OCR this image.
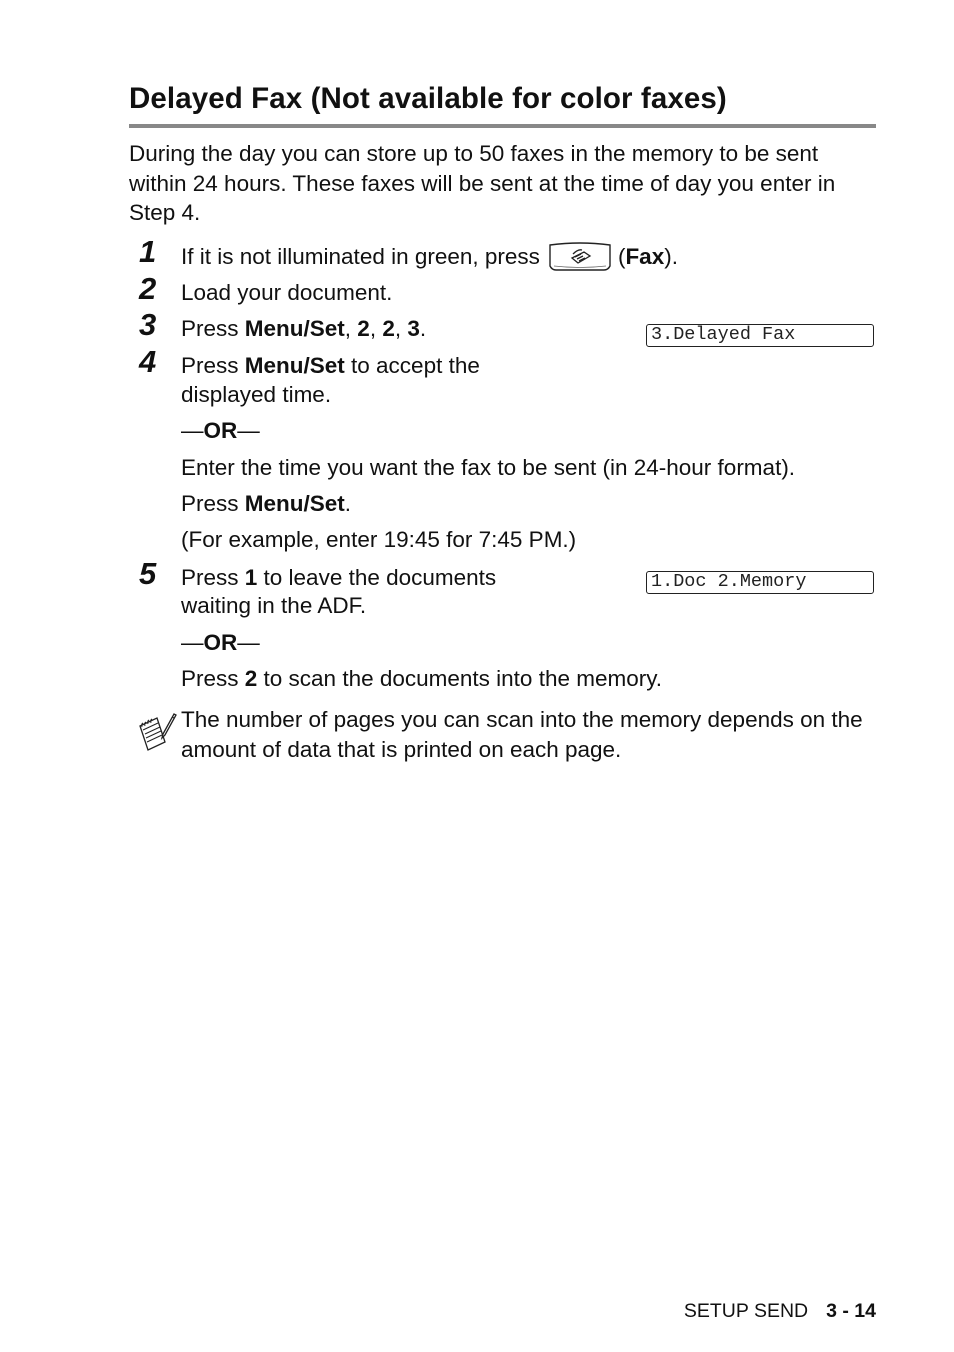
Delayed Fax (Not available for color faxes)

During the day you can store up to 50 faxes in the memory to be sent within 24 hours. These faxes will be sent at the time of day you enter in Step 4.

1 If it is not illuminated in green, press	(Fax).
2 Load your document.
3 Press Menu/Set, 2, 2, 3.	3.Delayed Fax
4 Press Menu/Set to accept the
displayed time.
—OR—
Enter the time you want the fax to be sent (in 24-hour format).
Press Menu/Set.
(For example, enter 19:45 for 7:45 PM.)
5 Press 1 to leave the documents	1.Doc 2.Memory
waiting in the ADF.
—OR—
Press 2 to scan the documents into the memory.

The number of pages you can scan into the memory depends on the amount of data that is printed on each page.

SETUP SEND 3 - 14
